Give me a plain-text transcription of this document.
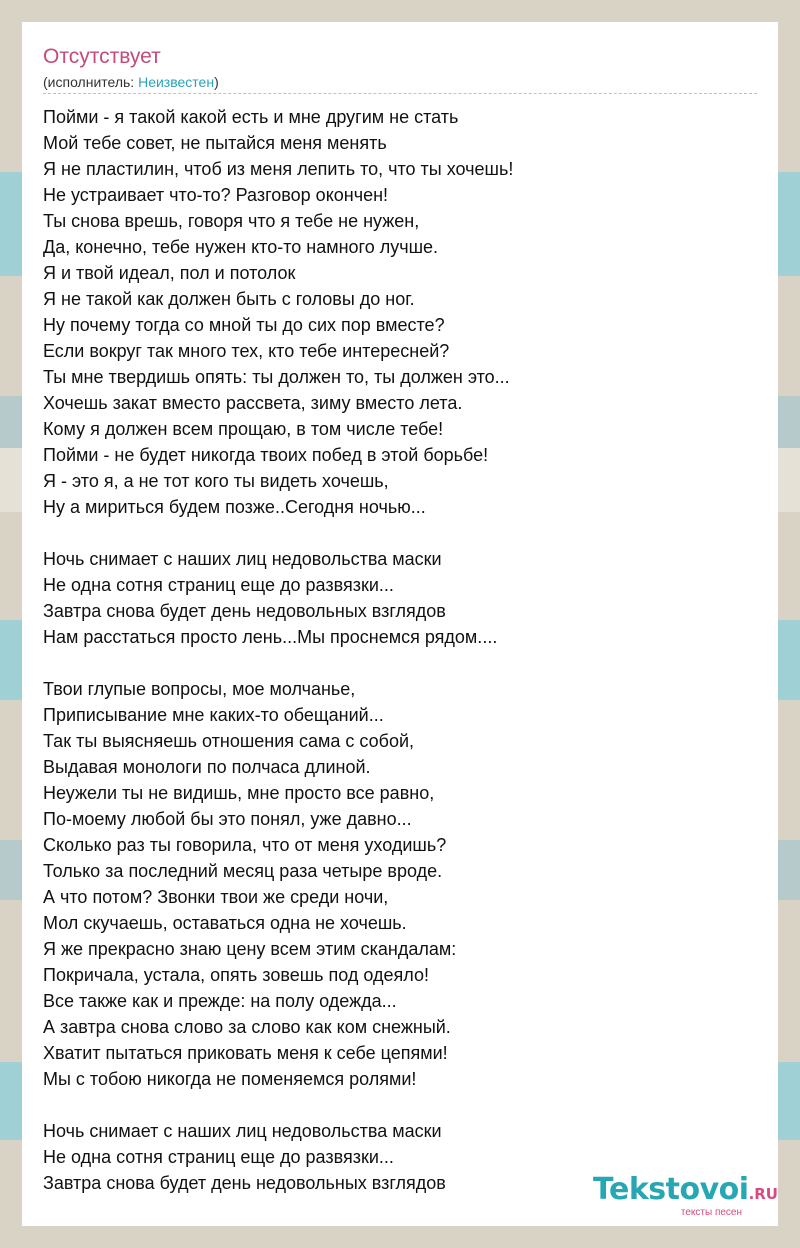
Отсутствует
(исполнитель: Неизвестен)
Пойми - я такой какой есть и мне другим не стать
Мой тебе совет, не пытайся меня менять
Я не пластилин, чтоб из меня лепить то, что ты хочешь!
Не устраивает что-то? Разговор окончен!
Ты снова врешь, говоря что я тебе не нужен,
Да, конечно, тебе нужен кто-то намного лучше.
Я и твой идеал, пол и потолок
Я не такой как должен быть с головы до ног.
Ну почему тогда со мной ты до сих пор вместе?
Если вокруг так много тех, кто тебе интересней?
Ты мне твердишь опять: ты должен то, ты должен это...
Хочешь закат вместо рассвета, зиму вместо лета.
Кому я должен всем прощаю, в том числе тебе!
Пойми - не будет никогда твоих побед в этой борьбе!
Я - это я, а не тот кого ты видеть хочешь,
Ну а мириться будем позже..Сегодня ночью...
Ночь снимает с наших лиц недовольства маски
Не одна сотня страниц еще до развязки...
Завтра снова будет день недовольных взглядов
Нам расстаться просто лень...Мы проснемся рядом....
Твои глупые вопросы, мое молчанье,
Приписывание мне каких-то обещаний...
Так ты выясняешь отношения сама с собой,
Выдавая монологи по полчаса длиной.
Неужели ты не видишь, мне просто все равно,
По-моему любой бы это понял, уже давно...
Сколько раз ты говорила, что от меня уходишь?
Только за последний месяц раза четыре вроде.
А что потом? Звонки твои же среди ночи,
Мол скучаешь, оставаться одна не хочешь.
Я же прекрасно знаю цену всем этим скандалам:
Покричала, устала, опять зовешь под одеяло!
Все также как и прежде: на полу одежда...
А завтра снова слово за слово как ком снежный.
Хватит пытаться приковать меня к себе цепями!
Мы с тобою никогда не поменяемся ролями!
Ночь снимает с наших лиц недовольства маски
Не одна сотня страниц еще до развязки...
Завтра снова будет день недовольных взглядов	Tekstovoi.RU
тексты песен
